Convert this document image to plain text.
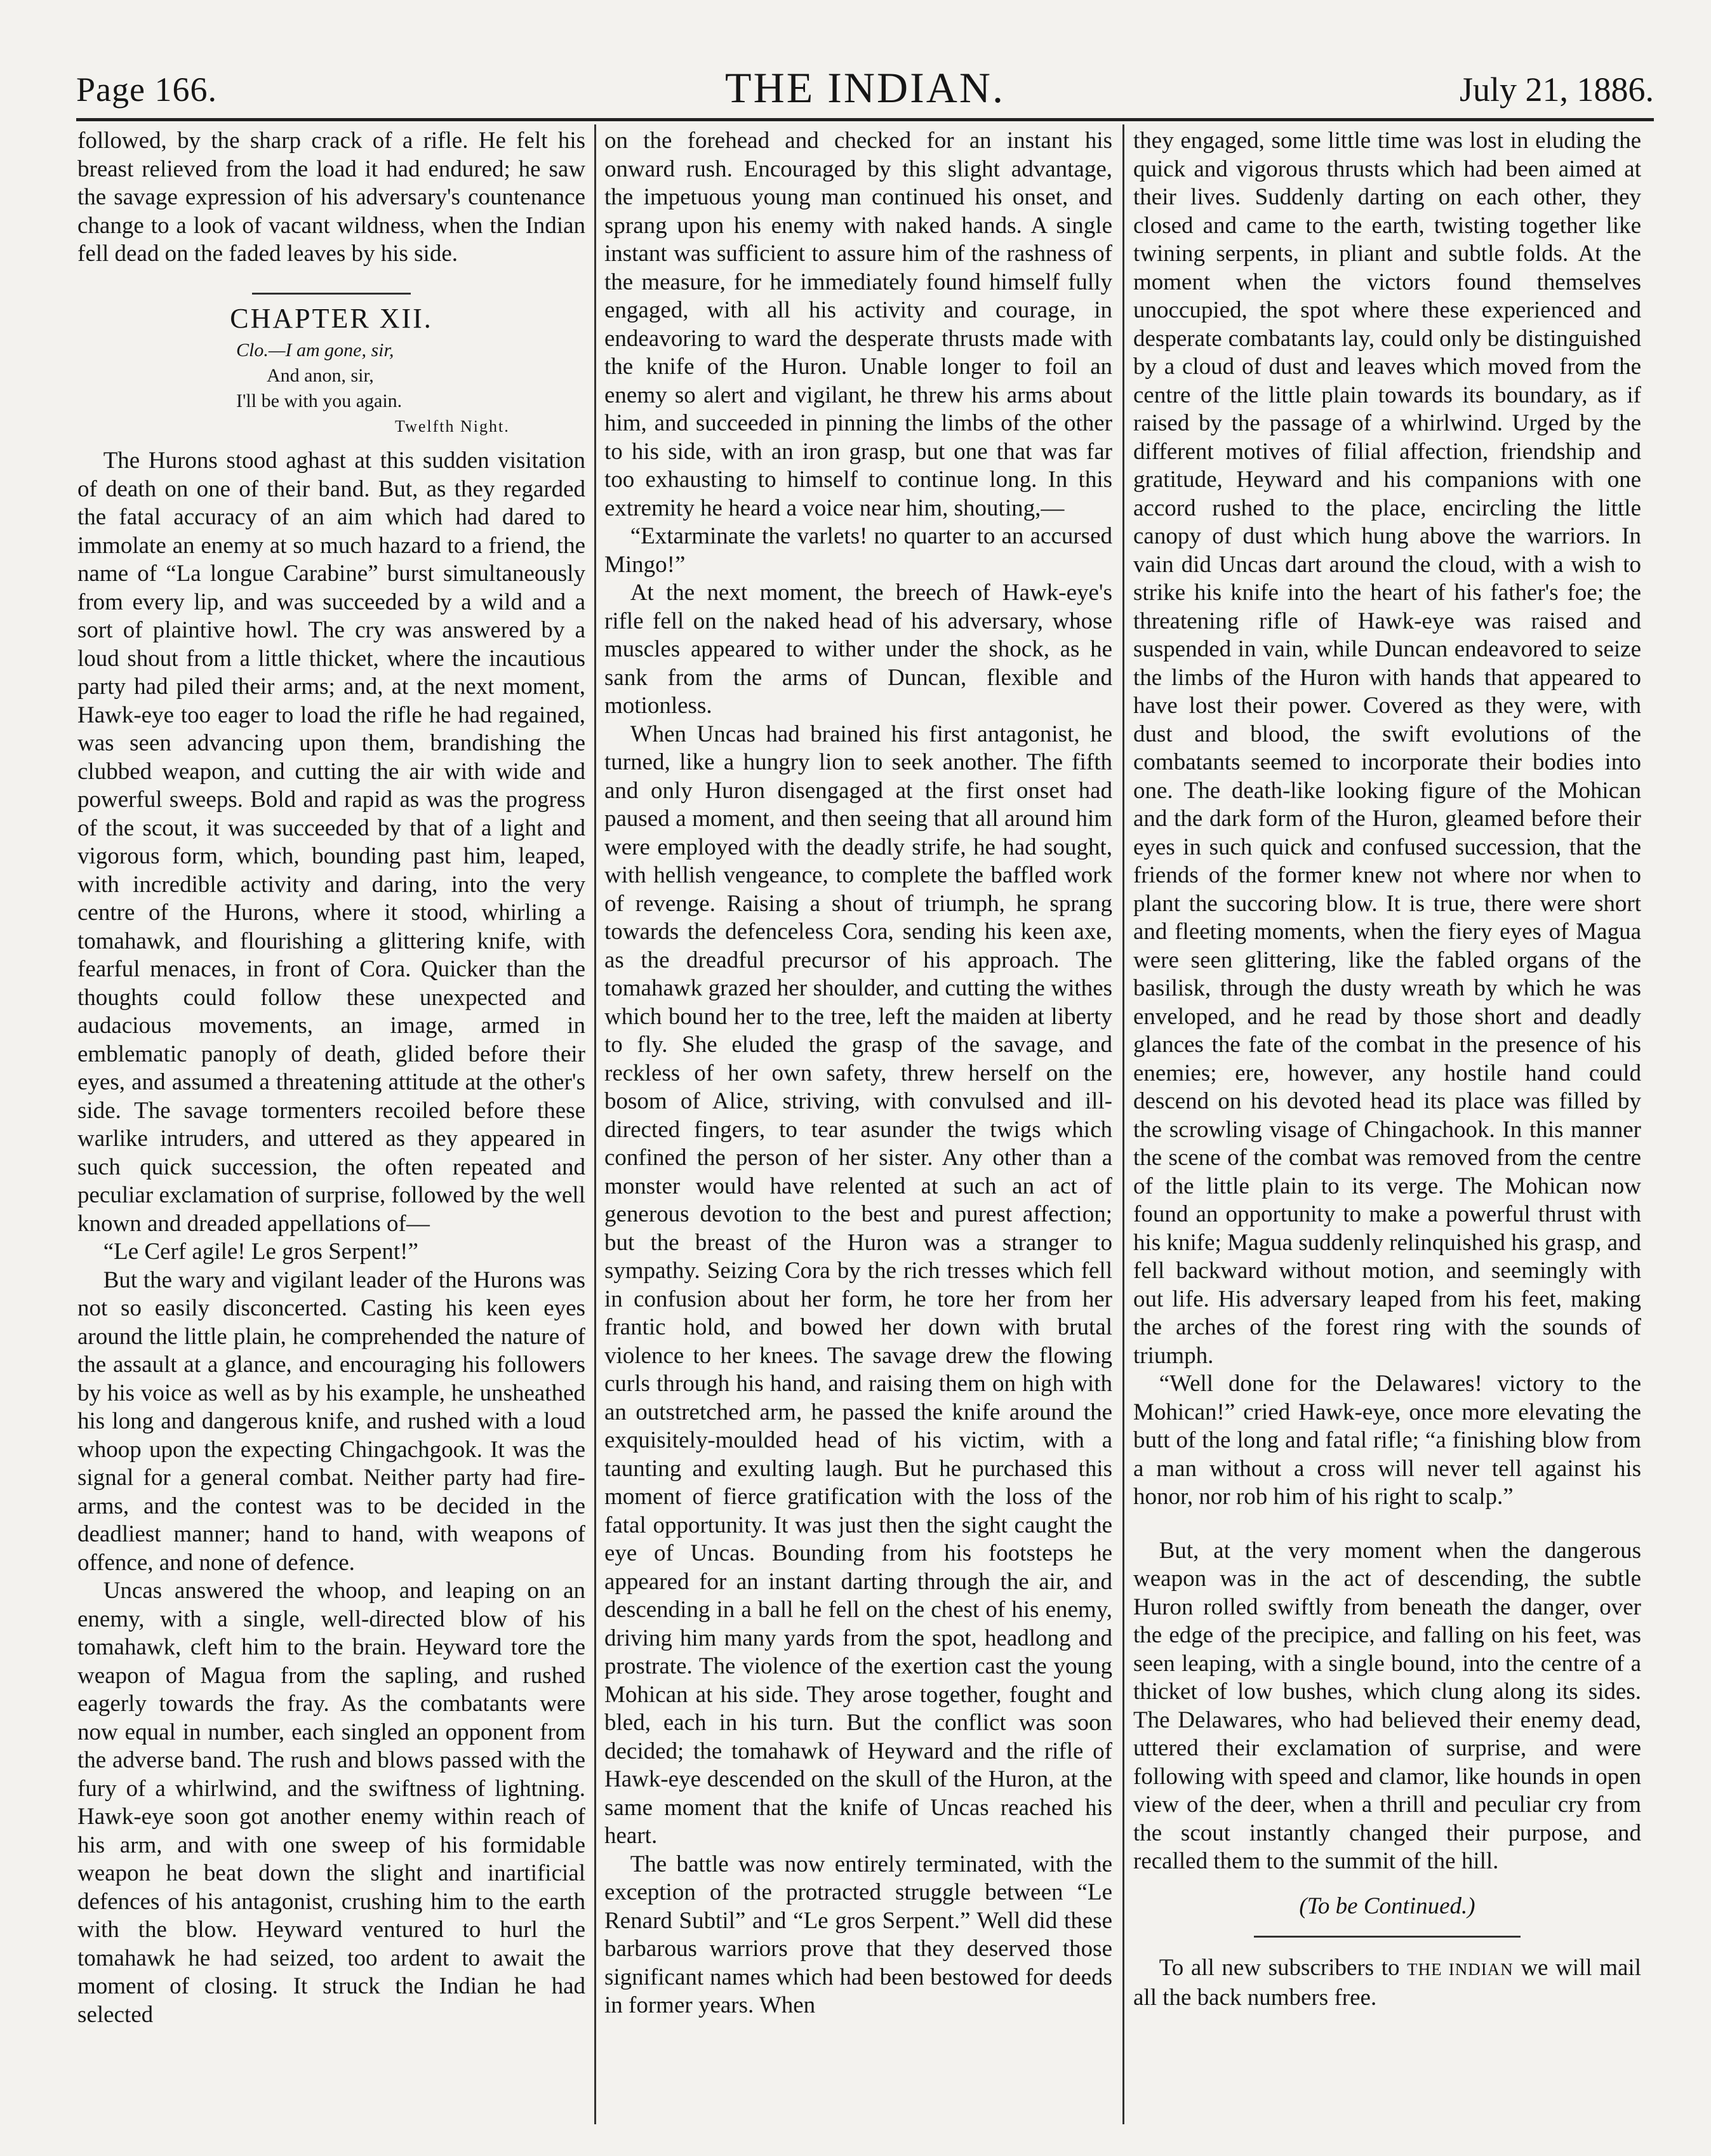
Page 166.	THE INDIAN.	July 21, 1886.

followed, by the sharp crack of a rifle. He felt his breast relieved from the load it had endured; he saw the savage expression of his adversary's countenance change to a look of vacant wildness, when the Indian fell dead on the faded leaves by his side.

CHAPTER XII.
Clo.—I am gone, sir,
And anon, sir,
I'll be with you again.
Twelfth Night.

The Hurons stood aghast at this sudden visitation of death on one of their band. But, as they regarded the fatal accuracy of an aim which had dared to immolate an enemy at so much hazard to a friend, the name of “La longue Carabine” burst simultaneously from every lip, and was succeeded by a wild and a sort of plaintive howl. The cry was answered by a loud shout from a little thicket, where the incautious party had piled their arms; and, at the next moment, Hawk-eye too eager to load the rifle he had regained, was seen advancing upon them, brandishing the clubbed weapon, and cutting the air with wide and powerful sweeps. Bold and rapid as was the progress of the scout, it was succeeded by that of a light and vigorous form, which, bounding past him, leaped, with incredible activity and daring, into the very centre of the Hurons, where it stood, whirling a tomahawk, and flourishing a glittering knife, with fearful menaces, in front of Cora. Quicker than the thoughts could follow these unexpected and audacious movements, an image, armed in emblematic panoply of death, glided before their eyes, and assumed a threatening attitude at the other's side. The savage tormenters recoiled before these warlike intruders, and uttered as they appeared in such quick succession, the often repeated and peculiar exclamation of surprise, followed by the well known and dreaded appellations of—

“Le Cerf agile! Le gros Serpent!”

But the wary and vigilant leader of the Hurons was not so easily disconcerted. Casting his keen eyes around the little plain, he comprehended the nature of the assault at a glance, and encouraging his followers by his voice as well as by his example, he unsheathed his long and dangerous knife, and rushed with a loud whoop upon the expecting Chingachgook. It was the signal for a general combat. Neither party had fire-arms, and the contest was to be decided in the deadliest manner; hand to hand, with weapons of offence, and none of defence.

Uncas answered the whoop, and leaping on an enemy, with a single, well-directed blow of his tomahawk, cleft him to the brain. Heyward tore the weapon of Magua from the sapling, and rushed eagerly towards the fray. As the combatants were now equal in number, each singled an opponent from the adverse band. The rush and blows passed with the fury of a whirlwind, and the swiftness of lightning. Hawk-eye soon got another enemy within reach of his arm, and with one sweep of his formidable weapon he beat down the slight and inartificial defences of his antagonist, crushing him to the earth with the blow. Heyward ventured to hurl the tomahawk he had seized, too ardent to await the moment of closing. It struck the Indian he had selected

on the forehead and checked for an instant his onward rush. Encouraged by this slight advantage, the impetuous young man continued his onset, and sprang upon his enemy with naked hands. A single instant was sufficient to assure him of the rashness of the measure, for he immediately found himself fully engaged, with all his activity and courage, in endeavoring to ward the desperate thrusts made with the knife of the Huron. Unable longer to foil an enemy so alert and vigilant, he threw his arms about him, and succeeded in pinning the limbs of the other to his side, with an iron grasp, but one that was far too exhausting to himself to continue long. In this extremity he heard a voice near him, shouting,—

“Extarminate the varlets! no quarter to an accursed Mingo!”

At the next moment, the breech of Hawk-eye's rifle fell on the naked head of his adversary, whose muscles appeared to wither under the shock, as he sank from the arms of Duncan, flexible and motionless.

When Uncas had brained his first antagonist, he turned, like a hungry lion to seek another. The fifth and only Huron disengaged at the first onset had paused a moment, and then seeing that all around him were employed with the deadly strife, he had sought, with hellish vengeance, to complete the baffled work of revenge. Raising a shout of triumph, he sprang towards the defenceless Cora, sending his keen axe, as the dreadful precursor of his approach. The tomahawk grazed her shoulder, and cutting the withes which bound her to the tree, left the maiden at liberty to fly. She eluded the grasp of the savage, and reckless of her own safety, threw herself on the bosom of Alice, striving, with convulsed and ill-directed fingers, to tear asunder the twigs which confined the person of her sister. Any other than a monster would have relented at such an act of generous devotion to the best and purest affection; but the breast of the Huron was a stranger to sympathy. Seizing Cora by the rich tresses which fell in confusion about her form, he tore her from her frantic hold, and bowed her down with brutal violence to her knees. The savage drew the flowing curls through his hand, and raising them on high with an outstretched arm, he passed the knife around the exquisitely-moulded head of his victim, with a taunting and exulting laugh. But he purchased this moment of fierce gratification with the loss of the fatal opportunity. It was just then the sight caught the eye of Uncas. Bounding from his footsteps he appeared for an instant darting through the air, and descending in a ball he fell on the chest of his enemy, driving him many yards from the spot, headlong and prostrate. The violence of the exertion cast the young Mohican at his side. They arose together, fought and bled, each in his turn. But the conflict was soon decided; the tomahawk of Heyward and the rifle of Hawk-eye descended on the skull of the Huron, at the same moment that the knife of Uncas reached his heart.

The battle was now entirely terminated, with the exception of the protracted struggle between “Le Renard Subtil” and “Le gros Serpent.” Well did these barbarous warriors prove that they deserved those significant names which had been bestowed for deeds in former years. When

they engaged, some little time was lost in eluding the quick and vigorous thrusts which had been aimed at their lives. Suddenly darting on each other, they closed and came to the earth, twisting together like twining serpents, in pliant and subtle folds. At the moment when the victors found themselves unoccupied, the spot where these experienced and desperate combatants lay, could only be distinguished by a cloud of dust and leaves which moved from the centre of the little plain towards its boundary, as if raised by the passage of a whirlwind. Urged by the different motives of filial affection, friendship and gratitude, Heyward and his companions with one accord rushed to the place, encircling the little canopy of dust which hung above the warriors. In vain did Uncas dart around the cloud, with a wish to strike his knife into the heart of his father's foe; the threatening rifle of Hawk-eye was raised and suspended in vain, while Duncan endeavored to seize the limbs of the Huron with hands that appeared to have lost their power. Covered as they were, with dust and blood, the swift evolutions of the combatants seemed to incorporate their bodies into one. The death-like looking figure of the Mohican and the dark form of the Huron, gleamed before their eyes in such quick and confused succession, that the friends of the former knew not where nor when to plant the succoring blow. It is true, there were short and fleeting moments, when the fiery eyes of Magua were seen glittering, like the fabled organs of the basilisk, through the dusty wreath by which he was enveloped, and he read by those short and deadly glances the fate of the combat in the presence of his enemies; ere, however, any hostile hand could descend on his devoted head its place was filled by the scrowling visage of Chingachook. In this manner the scene of the combat was removed from the centre of the little plain to its verge. The Mohican now found an opportunity to make a powerful thrust with his knife; Magua suddenly relinquished his grasp, and fell backward without motion, and seemingly with out life. His adversary leaped from his feet, making the arches of the forest ring with the sounds of triumph.

“Well done for the Delawares! victory to the Mohican!” cried Hawk-eye, once more elevating the butt of the long and fatal rifle; “a finishing blow from a man without a cross will never tell against his honor, nor rob him of his right to scalp.”

But, at the very moment when the dangerous weapon was in the act of descending, the subtle Huron rolled swiftly from beneath the danger, over the edge of the precipice, and falling on his feet, was seen leaping, with a single bound, into the centre of a thicket of low bushes, which clung along its sides. The Delawares, who had believed their enemy dead, uttered their exclamation of surprise, and were following with speed and clamor, like hounds in open view of the deer, when a thrill and peculiar cry from the scout instantly changed their purpose, and recalled them to the summit of the hill.

(To be Continued.)

To all new subscribers to THE INDIAN we will mail all the back numbers free.
